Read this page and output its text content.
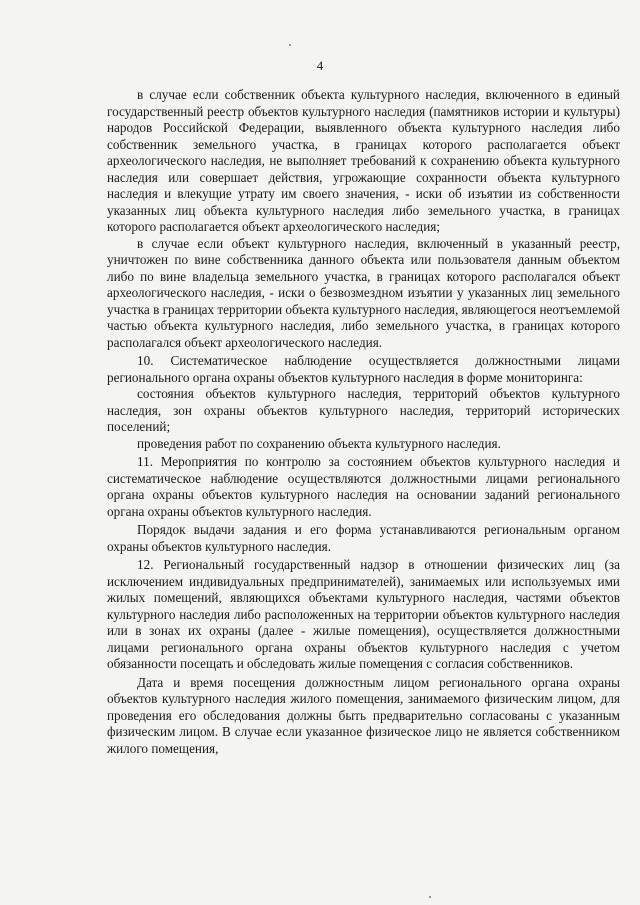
4

в случае если собственник объекта культурного наследия, включенного в единый государственный реестр объектов культурного наследия (памятников истории и культуры) народов Российской Федерации, выявленного объекта культурного наследия либо собственник земельного участка, в границах которого располагается объект археологического наследия, не выполняет требований к сохранению объекта культурного наследия или совершает действия, угрожающие сохранности объекта культурного наследия и влекущие утрату им своего значения, - иски об изъятии из собственности указанных лиц объекта культурного наследия либо земельного участка, в границах которого располагается объект археологического наследия;

в случае если объект культурного наследия, включенный в указанный реестр, уничтожен по вине собственника данного объекта или пользователя данным объектом либо по вине владельца земельного участка, в границах которого располагался объект археологического наследия, - иски о безвозмездном изъятии у указанных лиц земельного участка в границах территории объекта культурного наследия, являющегося неотъемлемой частью объекта культурного наследия, либо земельного участка, в границах которого располагался объект археологического наследия.

10. Систематическое наблюдение осуществляется должностными лицами регионального органа охраны объектов культурного наследия в форме мониторинга:

состояния объектов культурного наследия, территорий объектов культурного наследия, зон охраны объектов культурного наследия, территорий исторических поселений;

проведения работ по сохранению объекта культурного наследия.

11. Мероприятия по контролю за состоянием объектов культурного наследия и систематическое наблюдение осуществляются должностными лицами регионального органа охраны объектов культурного наследия на основании заданий регионального органа охраны объектов культурного наследия.

Порядок выдачи задания и его форма устанавливаются региональным органом охраны объектов культурного наследия.

12. Региональный государственный надзор в отношении физических лиц (за исключением индивидуальных предпринимателей), занимаемых или используемых ими жилых помещений, являющихся объектами культурного наследия, частями объектов культурного наследия либо расположенных на территории объектов культурного наследия или в зонах их охраны (далее - жилые помещения), осуществляется должностными лицами регионального органа охраны объектов культурного наследия с учетом обязанности посещать и обследовать жилые помещения с согласия собственников.

Дата и время посещения должностным лицом регионального органа охраны объектов культурного наследия жилого помещения, занимаемого физическим лицом, для проведения его обследования должны быть предварительно согласованы с указанным физическим лицом. В случае если указанное физическое лицо не является собственником жилого помещения,
